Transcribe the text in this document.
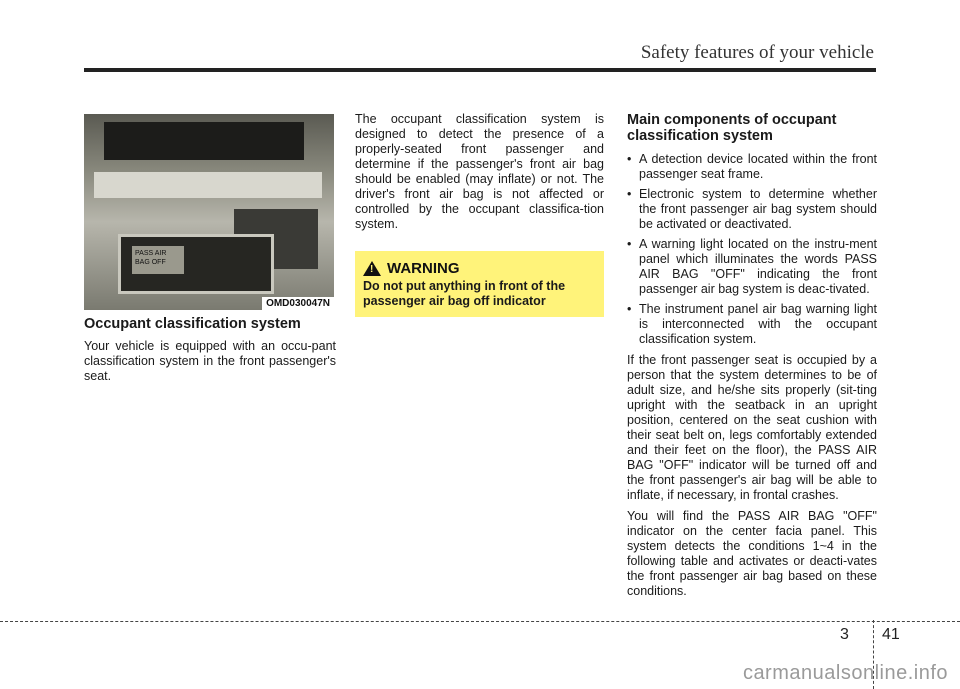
Safety features of your vehicle
PASS AIR BAG OFF
OMD030047N
Occupant classification system

Your vehicle is equipped with an occu-pant classification system in the front passenger's seat.

The occupant classification system is designed to detect the presence of a properly-seated front passenger and determine if the passenger's front air bag should be enabled (may inflate) or not. The driver's front air bag is not affected or controlled by the occupant classifica-tion system.

! WARNING
Do not put anything in front of the passenger air bag off indicator
Main components of occupant classification system
• A detection device located within the front passenger seat frame.
• Electronic system to determine whether the front passenger air bag system should be activated or deactivated.
• A warning light located on the instru-ment panel which illuminates the words PASS AIR BAG "OFF" indicating the front passenger air bag system is deac-tivated.
• The instrument panel air bag warning light is interconnected with the occupant classification system.

If the front passenger seat is occupied by a person that the system determines to be of adult size, and he/she sits properly (sit-ting upright with the seatback in an upright position, centered on the seat cushion with their seat belt on, legs comfortably extended and their feet on the floor), the PASS AIR BAG "OFF" indicator will be turned off and the front passenger's air bag will be able to inflate, if necessary, in frontal crashes.

You will find the PASS AIR BAG "OFF" indicator on the center facia panel. This system detects the conditions 1~4 in the following table and activates or deacti-vates the front passenger air bag based on these conditions.

3 41
carmanualsonline.info
